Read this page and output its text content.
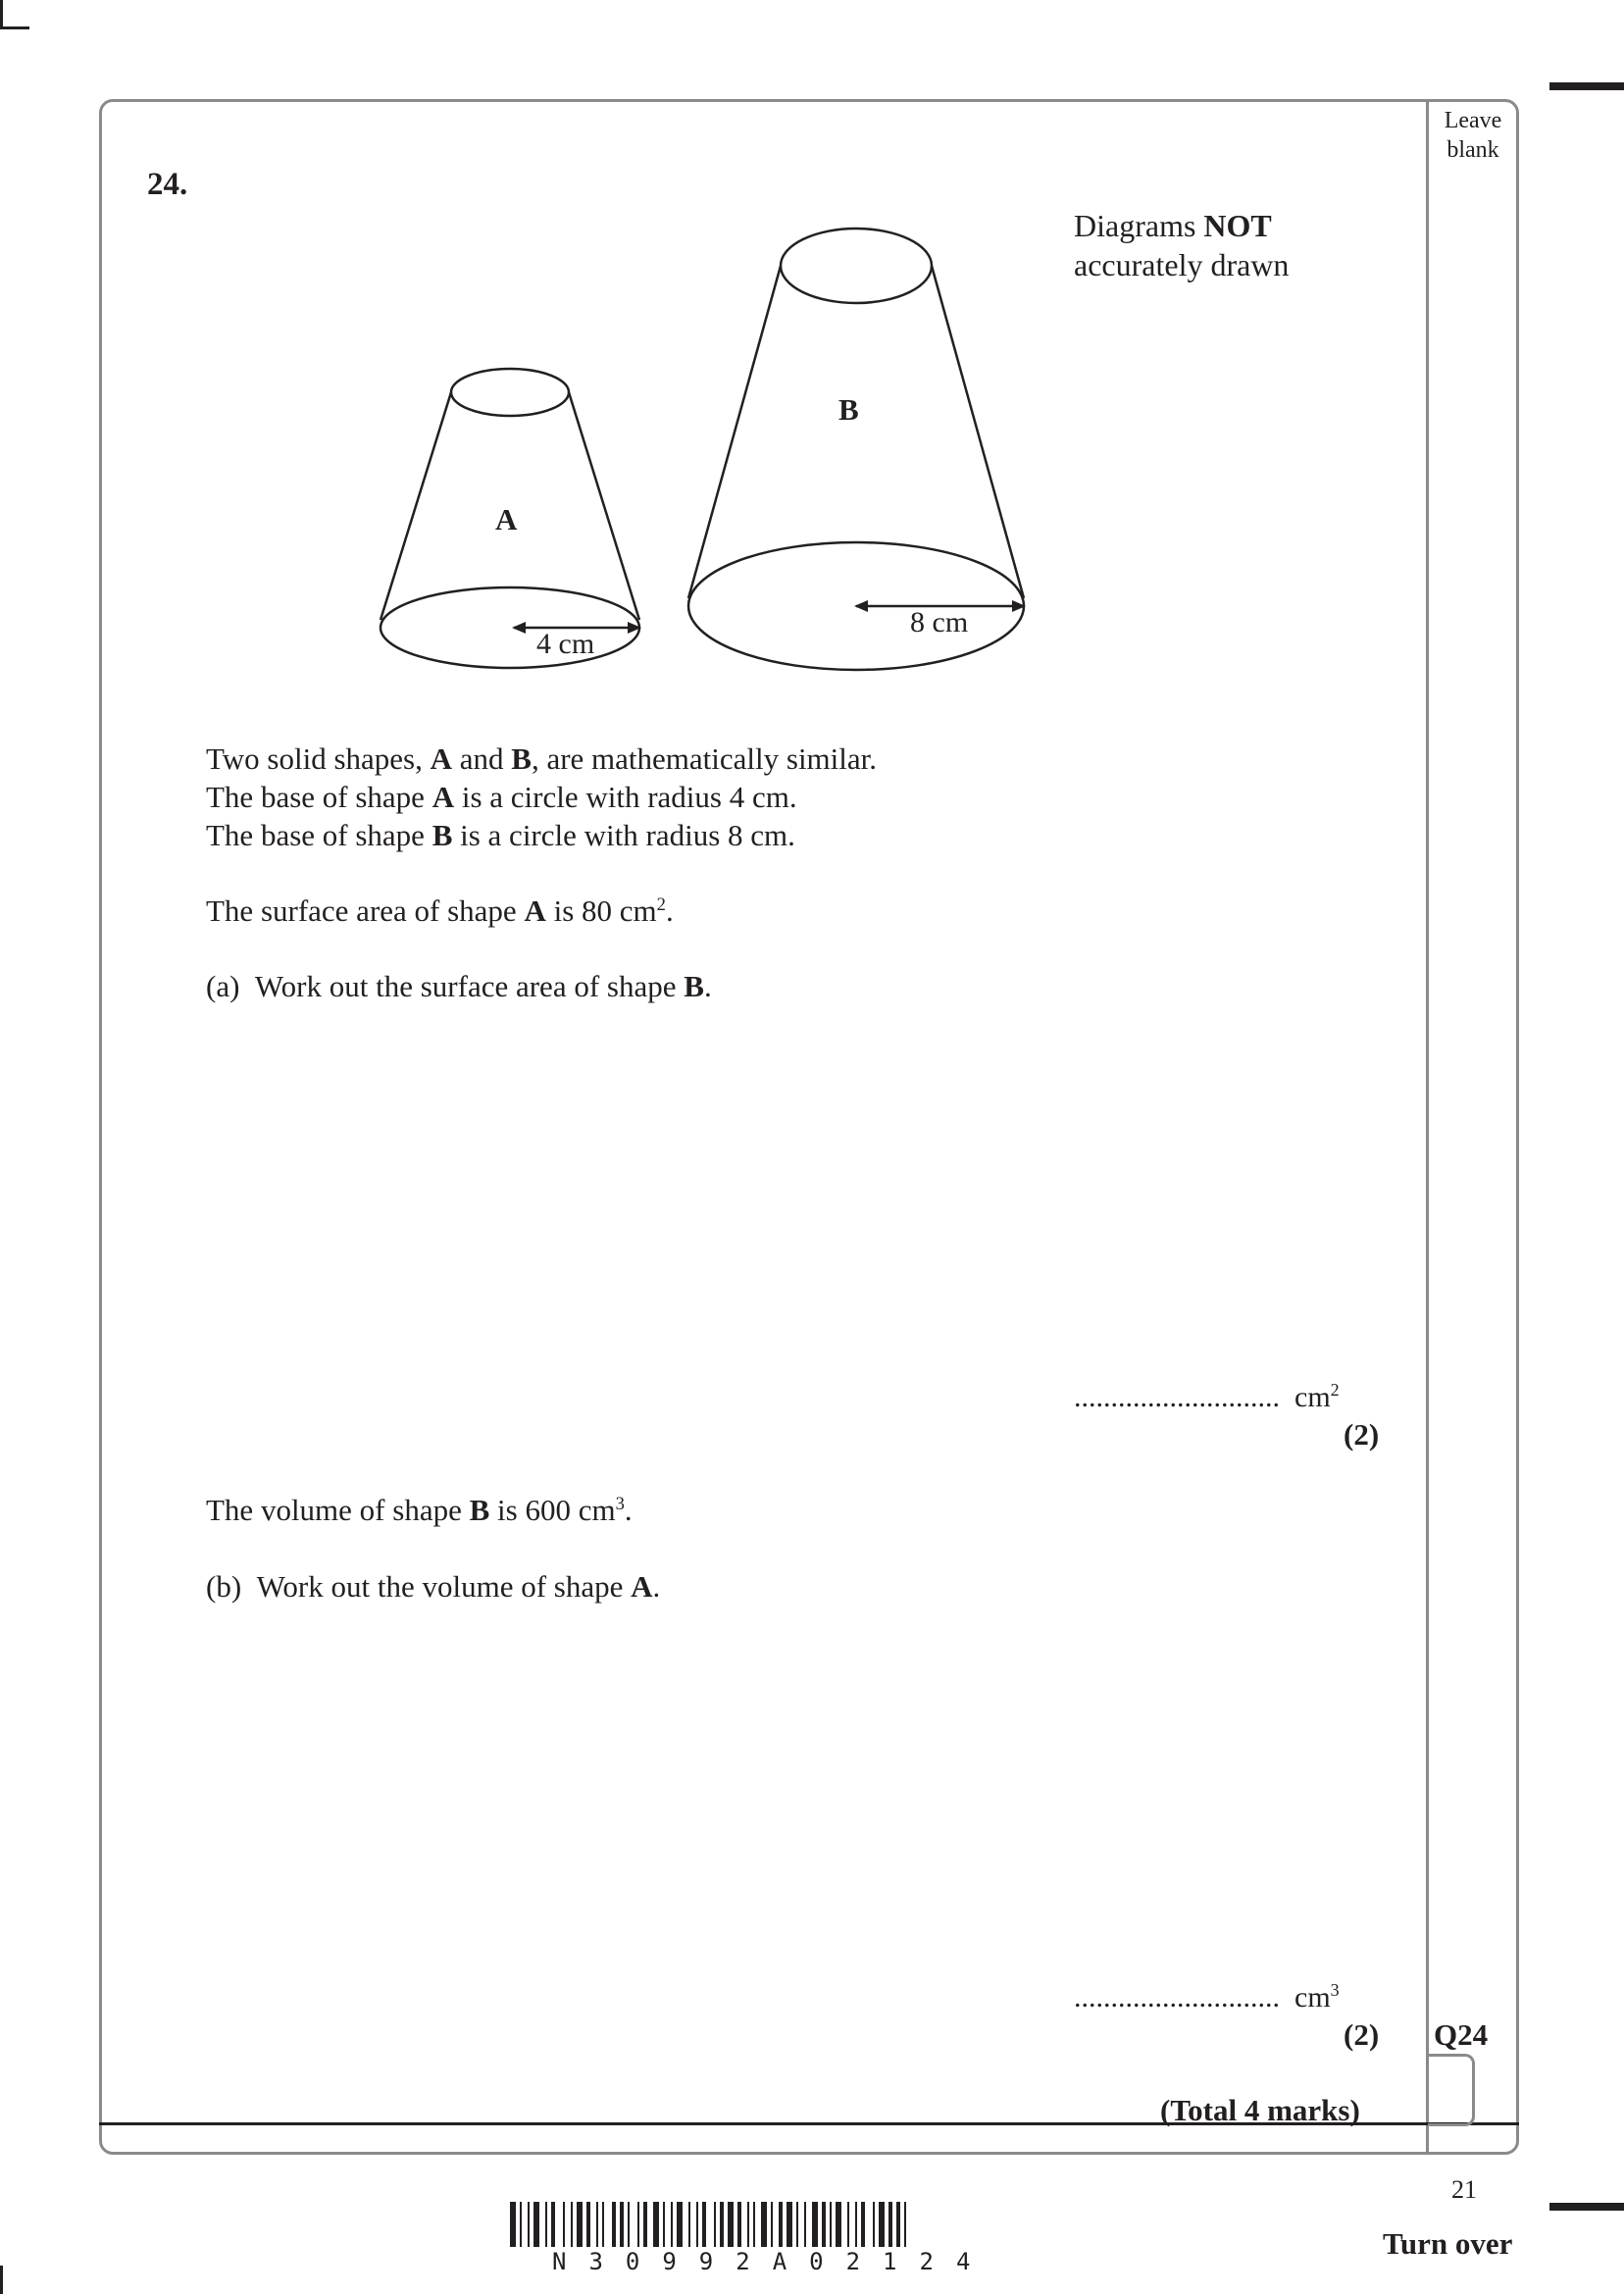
Leave blank
24.
Diagrams NOT
accurately drawn
A
B
4 cm
8 cm
Two solid shapes, A and B, are mathematically similar.
The base of shape A is a circle with radius 4 cm.
The base of shape B is a circle with radius 8 cm.
The surface area of shape A is 80 $cm^2$.
(a) Work out the surface area of shape B.
............................ $cm^2$
(2)
The volume of shape B is 600 $cm^3$.
(b) Work out the volume of shape A.
............................ $cm^3$
(2) Q24
(Total 4 marks)
21
Turn over
N30992A02124
